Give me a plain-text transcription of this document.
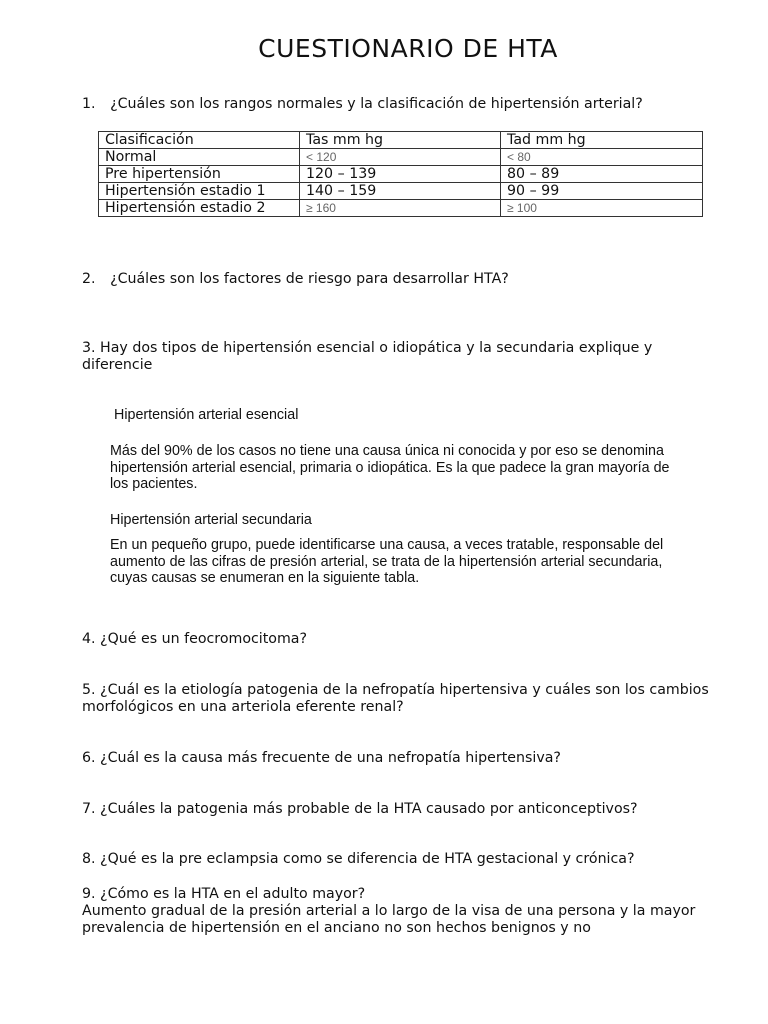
CUESTIONARIO DE HTA
1. ¿Cuáles son los rangos normales y la clasificación de hipertensión arterial?
Clasificación	Tas mm hg	Tad mm hg
Normal	< 120	< 80
Pre hipertensión	120 – 139	80 – 89
Hipertensión estadio 1	140 – 159	90 – 99
Hipertensión estadio 2	≥ 160	≥ 100
2. ¿Cuáles son los factores de riesgo para desarrollar HTA?
3. Hay dos tipos de hipertensión esencial o idiopática y la secundaria explique y diferencie
Hipertensión arterial esencial
Más del 90% de los casos no tiene una causa única ni conocida y por eso se denomina hipertensión arterial esencial, primaria o idiopática. Es la que padece la gran mayoría de los pacientes.
Hipertensión arterial secundaria
En un pequeño grupo, puede identificarse una causa, a veces tratable, responsable del aumento de las cifras de presión arterial, se trata de la hipertensión arterial secundaria, cuyas causas se enumeran en la siguiente tabla.
4. ¿Qué es un feocromocitoma?
5. ¿Cuál es la etiología patogenia de la nefropatía hipertensiva y cuáles son los cambios morfológicos en una arteriola eferente renal?
6. ¿Cuál es la causa más frecuente de una nefropatía hipertensiva?
7. ¿Cuáles la patogenia más probable de la HTA causado por anticonceptivos?
8. ¿Qué es la pre eclampsia como se diferencia de HTA gestacional y crónica?
9. ¿Cómo es la HTA en el adulto mayor?
Aumento gradual de la presión arterial a lo largo de la visa de una persona y la mayor prevalencia de hipertensión en el anciano no son hechos benignos y no
